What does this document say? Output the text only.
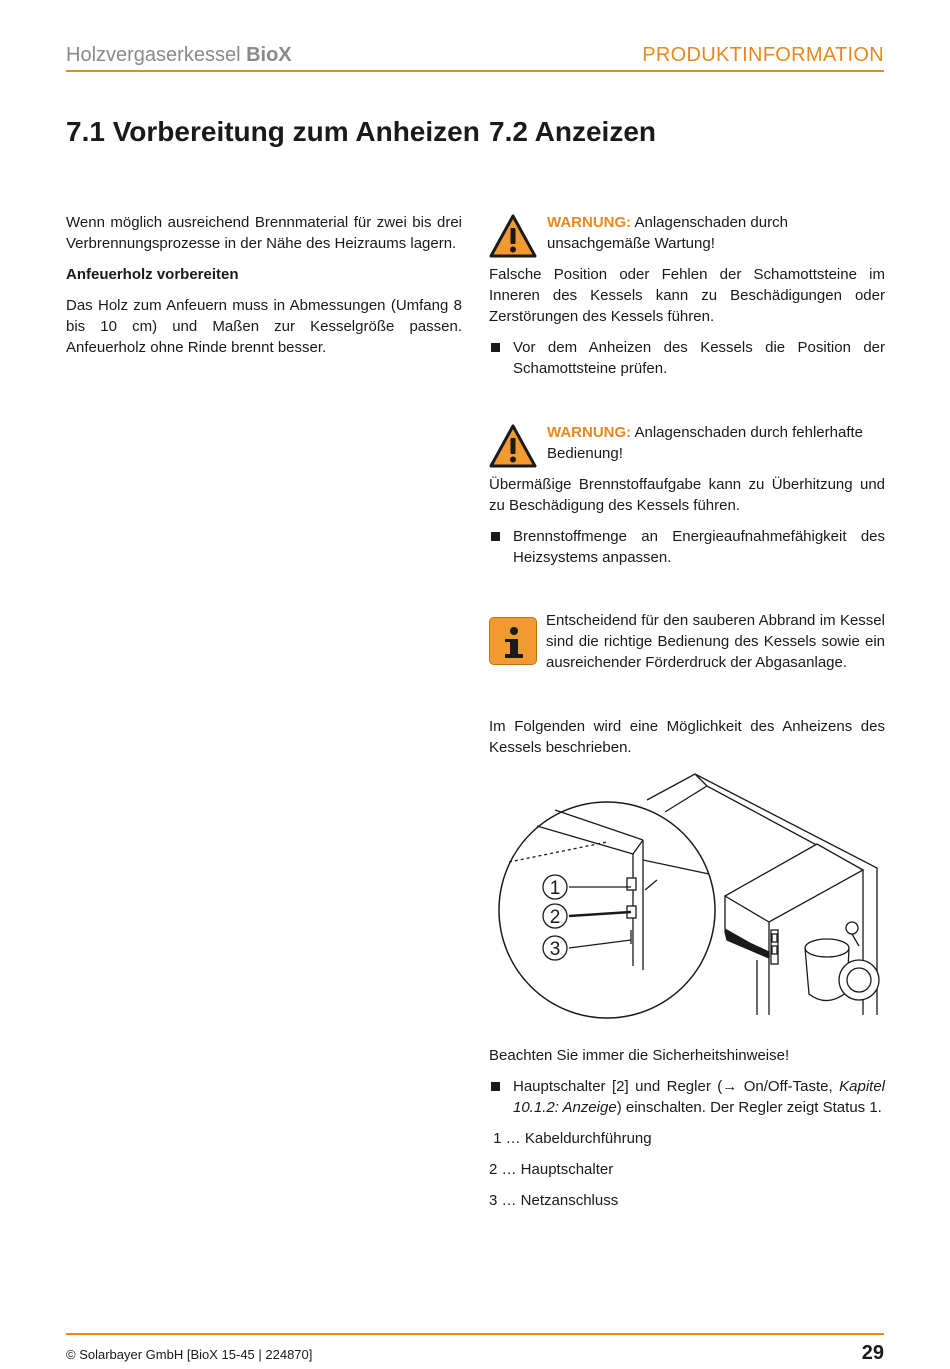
Holzvergaserkessel BioX	PRODUKTINFORMATION
7.1 Vorbereitung zum Anheizen 7.2 Anzeizen

Wenn möglich ausreichend Brennmaterial für zwei bis drei Verbrennungsprozesse in der Nähe des Heizraums lagern.

Anfeuerholz vorbereiten

Das Holz zum Anfeuern muss in Abmessungen (Umfang 8 bis 10 cm) und Maßen zur Kesselgröße passen. Anfeuerholz ohne Rinde brennt besser.

WARNUNG: Anlagenschaden durch unsachgemäße Wartung!

Falsche Position oder Fehlen der Schamottsteine im Inneren des Kessels kann zu Beschädigungen oder Zerstörungen des Kessels führen.

Vor dem Anheizen des Kessels die Position der Schamottsteine prüfen.

WARNUNG: Anlagenschaden durch fehlerhafte Bedienung!

Übermäßige Brennstoffaufgabe kann zu Überhitzung und zu Beschädigung des Kessels führen.

Brennstoffmenge an Energieaufnahmefähigkeit des Heizsystems anpassen.

Entscheidend für den sauberen Abbrand im Kessel sind die richtige Bedienung des Kessels sowie ein ausreichender Förderdruck der Abgasanlage.

Im Folgenden wird eine Möglichkeit des Anheizens des Kessels beschrieben.

1
2
3

Beachten Sie immer die Sicherheitshinweise!

Hauptschalter [2] und Regler (→ On/Off-Taste, Kapitel 10.1.2: Anzeige) einschalten. Der Regler zeigt Status 1.

1 … Kabeldurchführung

2 … Hauptschalter

3 … Netzanschluss

© Solarbayer GmbH [BioX 15-45 | 224870]	29
